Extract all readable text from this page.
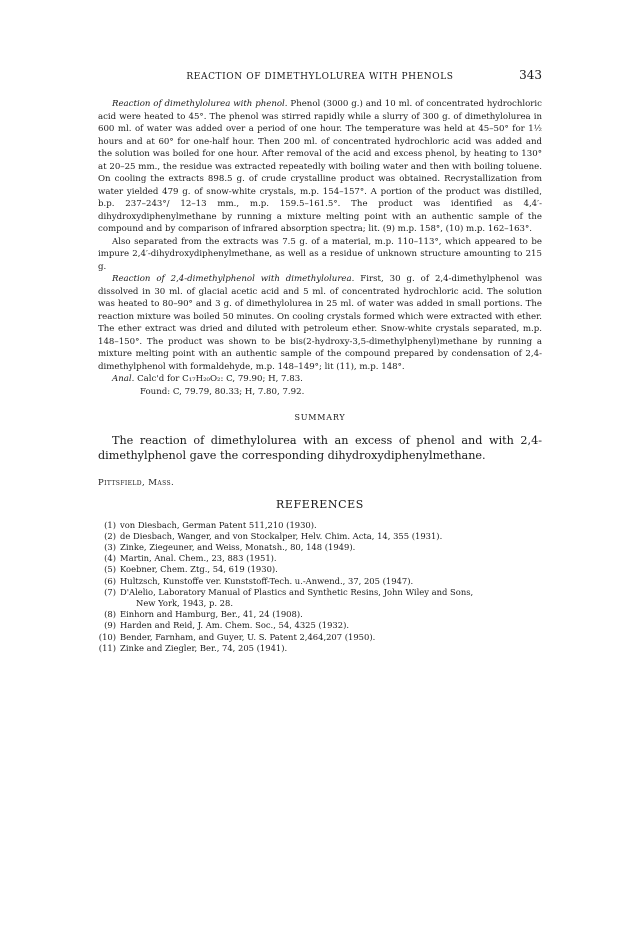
REACTION OF DIMETHYLOLUREA WITH PHENOLS	343

Reaction of dimethylolurea with phenol. Phenol (3000 g.) and 10 ml. of concentrated hydrochloric acid were heated to 45°. The phenol was stirred rapidly while a slurry of 300 g. of dimethylolurea in 600 ml. of water was added over a period of one hour. The temperature was held at 45–50° for 1½ hours and at 60° for one-half hour. Then 200 ml. of concentrated hydrochloric acid was added and the solution was boiled for one hour. After removal of the acid and excess phenol, by heating to 130° at 20–25 mm., the residue was extracted repeatedly with boiling water and then with boiling toluene. On cooling the extracts 898.5 g. of crude crystalline product was obtained. Recrystallization from water yielded 479 g. of snow-white crystals, m.p. 154–157°. A portion of the product was distilled, b.p. 237–243°/ 12–13 mm., m.p. 159.5–161.5°. The product was identified as 4,4′-dihydroxydiphenylmethane by running a mixture melting point with an authentic sample of the compound and by comparison of infrared absorption spectra; lit. (9) m.p. 158°, (10) m.p. 162–163°.

Also separated from the extracts was 7.5 g. of a material, m.p. 110–113°, which appeared to be impure 2,4′-dihydroxydiphenylmethane, as well as a residue of unknown structure amounting to 215 g.

Reaction of 2,4-dimethylphenol with dimethylolurea. First, 30 g. of 2,4-dimethylphenol was dissolved in 30 ml. of glacial acetic acid and 5 ml. of concentrated hydrochloric acid. The solution was heated to 80–90° and 3 g. of dimethylolurea in 25 ml. of water was added in small portions. The reaction mixture was boiled 50 minutes. On cooling crystals formed which were extracted with ether. The ether extract was dried and diluted with petroleum ether. Snow-white crystals separated, m.p. 148–150°. The product was shown to be bis(2-hydroxy-3,5-dimethylphenyl)methane by running a mixture melting point with an authentic sample of the compound prepared by condensation of 2,4-dimethylphenol with formaldehyde, m.p. 148–149°; lit (11), m.p. 148°.

Anal. Calc'd for C₁₇H₂₀O₂: C, 79.90; H, 7.83.
Found: C, 79.79, 80.33; H, 7.80, 7.92.
SUMMARY

The reaction of dimethylolurea with an excess of phenol and with 2,4-dimethylphenol gave the corresponding dihydroxydiphenylmethane.

Pittsfield, Mass.
REFERENCES
(1) von Diesbach, German Patent 511,210 (1930).
(2) de Diesbach, Wanger, and von Stockalper, Helv. Chim. Acta, 14, 355 (1931).
(3) Zinke, Ziegeuner, and Weiss, Monatsh., 80, 148 (1949).
(4) Martin, Anal. Chem., 23, 883 (1951).
(5) Koebner, Chem. Ztg., 54, 619 (1930).
(6) Hultzsch, Kunstoffe ver. Kunststoff-Tech. u.-Anwend., 37, 205 (1947).
(7) D'Alelio, Laboratory Manual of Plastics and Synthetic Resins, John Wiley and Sons,
New York, 1943, p. 28.
(8) Einhorn and Hamburg, Ber., 41, 24 (1908).
(9) Harden and Reid, J. Am. Chem. Soc., 54, 4325 (1932).
(10) Bender, Farnham, and Guyer, U. S. Patent 2,464,207 (1950).
(11) Zinke and Ziegler, Ber., 74, 205 (1941).
